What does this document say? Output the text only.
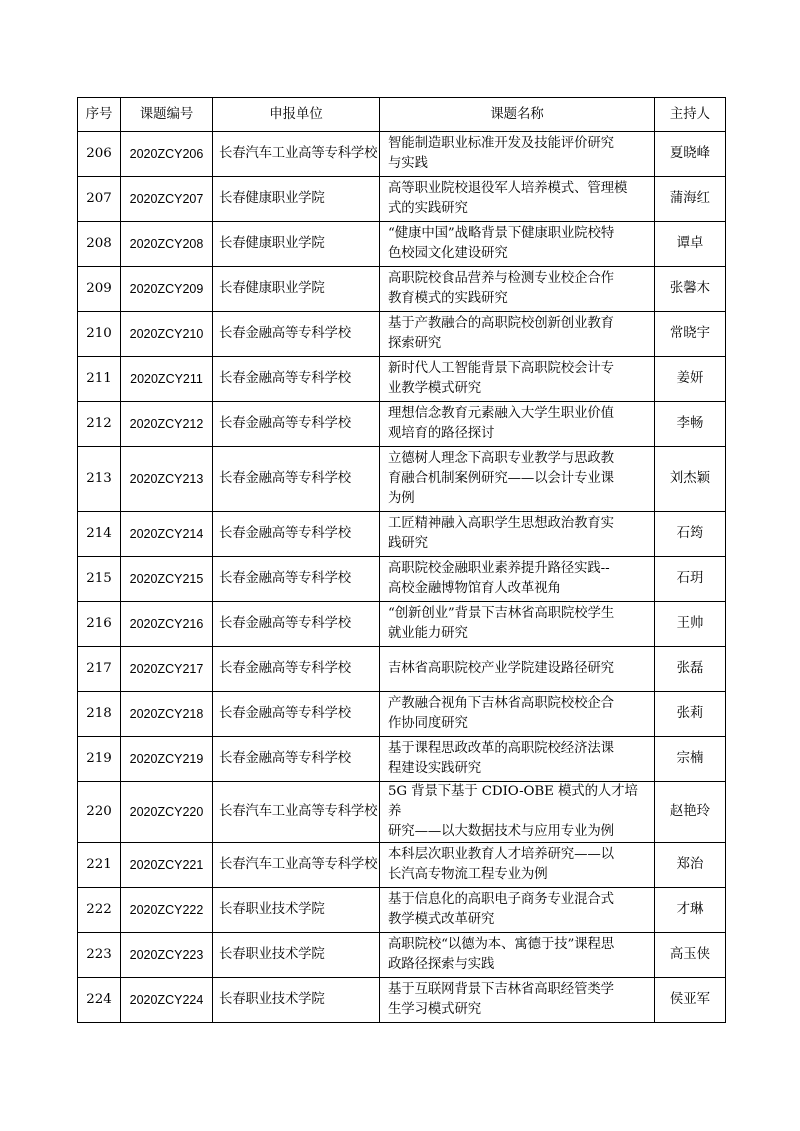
序号	课题编号	申报单位	课题名称	主持人
206	2020ZCY206	长春汽车工业高等专科学校	智能制造职业标准开发及技能评价研究
与实践	夏晓峰
207	2020ZCY207	长春健康职业学院	高等职业院校退役军人培养模式、管理模
式的实践研究	蒲海红
208	2020ZCY208	长春健康职业学院	“健康中国”战略背景下健康职业院校特
色校园文化建设研究	谭卓
209	2020ZCY209	长春健康职业学院	高职院校食品营养与检测专业校企合作
教育模式的实践研究	张馨木
210	2020ZCY210	长春金融高等专科学校	基于产教融合的高职院校创新创业教育
探索研究	常晓宇
211	2020ZCY211	长春金融高等专科学校	新时代人工智能背景下高职院校会计专
业教学模式研究	姜妍
212	2020ZCY212	长春金融高等专科学校	理想信念教育元素融入大学生职业价值
观培育的路径探讨	李畅
213	2020ZCY213	长春金融高等专科学校	立德树人理念下高职专业教学与思政教
育融合机制案例研究——以会计专业课
为例	刘杰颖
214	2020ZCY214	长春金融高等专科学校	工匠精神融入高职学生思想政治教育实
践研究	石筠
215	2020ZCY215	长春金融高等专科学校	高职院校金融职业素养提升路径实践--
高校金融博物馆育人改革视角	石玥
216	2020ZCY216	长春金融高等专科学校	“创新创业”背景下吉林省高职院校学生
就业能力研究	王帅
217	2020ZCY217	长春金融高等专科学校	吉林省高职院校产业学院建设路径研究	张磊
218	2020ZCY218	长春金融高等专科学校	产教融合视角下吉林省高职院校校企合
作协同度研究	张莉
219	2020ZCY219	长春金融高等专科学校	基于课程思政改革的高职院校经济法课
程建设实践研究	宗楠
220	2020ZCY220	长春汽车工业高等专科学校	5G 背景下基于 CDIO-OBE 模式的人才培养
研究——以大数据技术与应用专业为例	赵艳玲
221	2020ZCY221	长春汽车工业高等专科学校	本科层次职业教育人才培养研究——以
长汽高专物流工程专业为例	郑治
222	2020ZCY222	长春职业技术学院	基于信息化的高职电子商务专业混合式
教学模式改革研究	才琳
223	2020ZCY223	长春职业技术学院	高职院校“以德为本、寓德于技”课程思
政路径探索与实践	高玉侠
224	2020ZCY224	长春职业技术学院	基于互联网背景下吉林省高职经管类学
生学习模式研究	侯亚军
